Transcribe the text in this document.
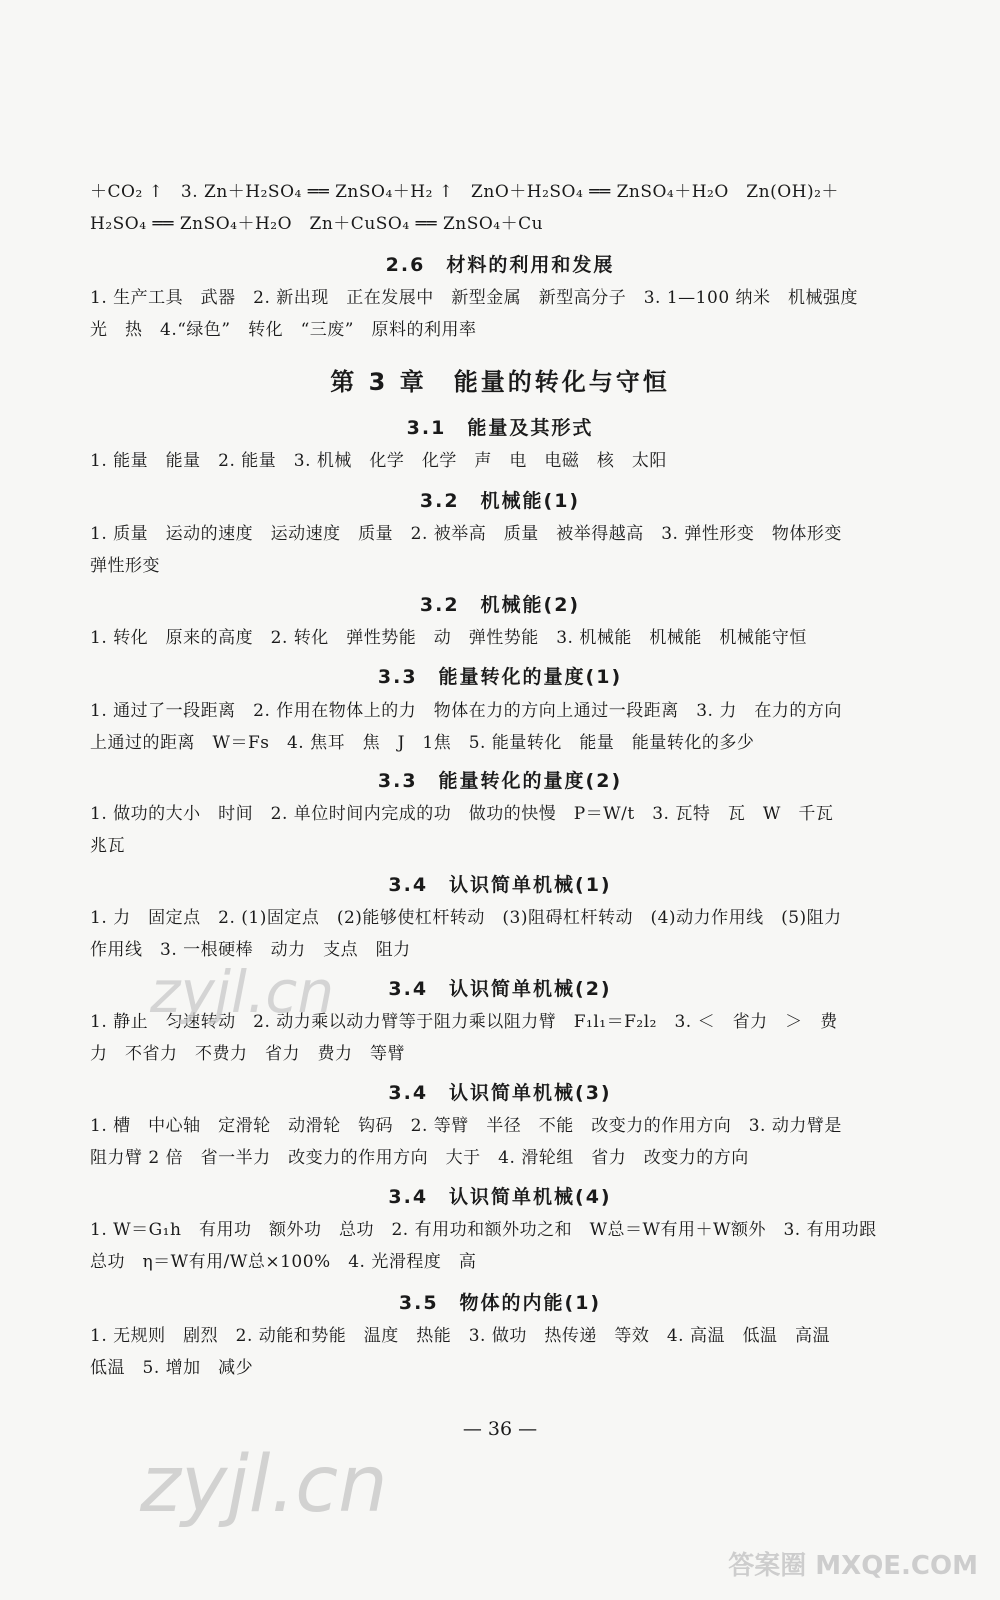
＋CO₂ ↑　3. Zn＋H₂SO₄ ══ ZnSO₄＋H₂ ↑　ZnO＋H₂SO₄ ══ ZnSO₄＋H₂O　Zn(OH)₂＋
H₂SO₄ ══ ZnSO₄＋H₂O　Zn＋CuSO₄ ══ ZnSO₄＋Cu
2.6　材料的利用和发展
1. 生产工具　武器　2. 新出现　正在发展中　新型金属　新型高分子　3. 1—100 纳米　机械强度
光　热　4.“绿色”　转化　“三废”　原料的利用率
第 3 章　能量的转化与守恒
3.1　能量及其形式
1. 能量　能量　2. 能量　3. 机械　化学　化学　声　电　电磁　核　太阳
3.2　机械能(1)
1. 质量　运动的速度　运动速度　质量　2. 被举高　质量　被举得越高　3. 弹性形变　物体形变
弹性形变
3.2　机械能(2)
1. 转化　原来的高度　2. 转化　弹性势能　动　弹性势能　3. 机械能　机械能　机械能守恒
3.3　能量转化的量度(1)
1. 通过了一段距离　2. 作用在物体上的力　物体在力的方向上通过一段距离　3. 力　在力的方向
上通过的距离　W＝Fs　4. 焦耳　焦　J　1焦　5. 能量转化　能量　能量转化的多少
3.3　能量转化的量度(2)
1. 做功的大小　时间　2. 单位时间内完成的功　做功的快慢　P＝W/t　3. 瓦特　瓦　W　千瓦
兆瓦
3.4　认识简单机械(1)
1. 力　固定点　2. (1)固定点　(2)能够使杠杆转动　(3)阻碍杠杆转动　(4)动力作用线　(5)阻力
作用线　3. 一根硬棒　动力　支点　阻力
3.4　认识简单机械(2)
1. 静止　匀速转动　2. 动力乘以动力臂等于阻力乘以阻力臂　F₁l₁＝F₂l₂　3. ＜　省力　＞　费
力　不省力　不费力　省力　费力　等臂
3.4　认识简单机械(3)
1. 槽　中心轴　定滑轮　动滑轮　钩码　2. 等臂　半径　不能　改变力的作用方向　3. 动力臂是
阻力臂 2 倍　省一半力　改变力的作用方向　大于　4. 滑轮组　省力　改变力的方向
3.4　认识简单机械(4)
1. W＝G₁h　有用功　额外功　总功　2. 有用功和额外功之和　W总＝W有用＋W额外　3. 有用功跟
总功　η＝W有用/W总×100%　4. 光滑程度　高
3.5　物体的内能(1)
1. 无规则　剧烈　2. 动能和势能　温度　热能　3. 做功　热传递　等效　4. 高温　低温　高温
低温　5. 增加　减少
— 36 —
zyjl.cn
zyjl.cn
答案圈 MXQE.COM
